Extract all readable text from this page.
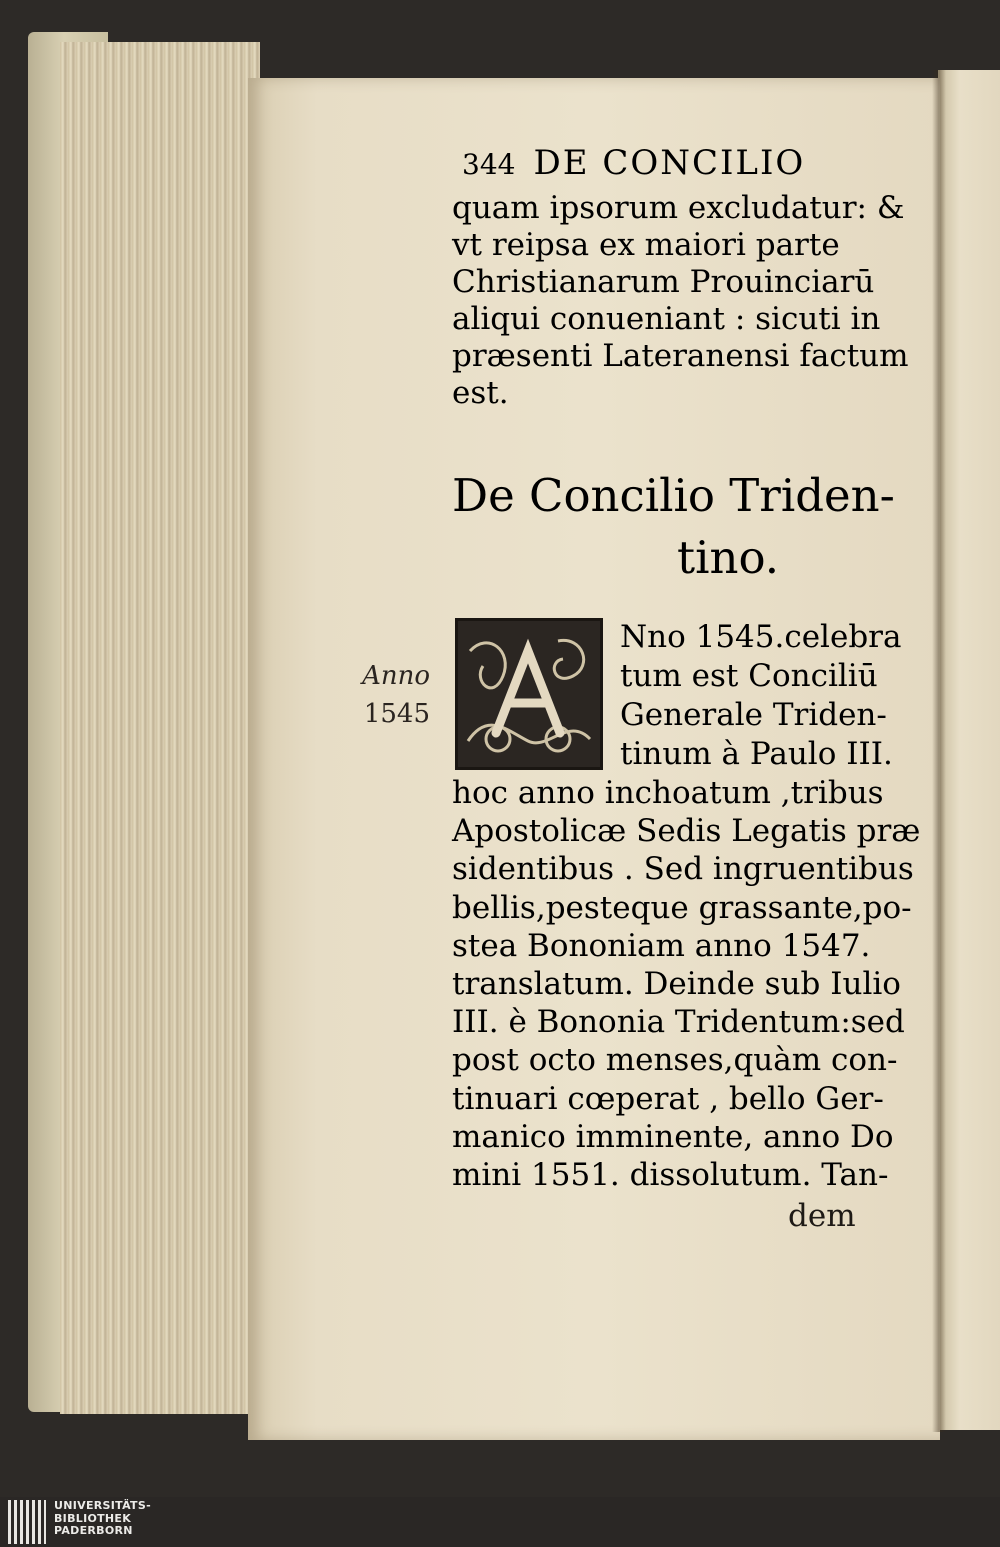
344 DE CONCILIO
quam ipsorum excludatur: &
vt reipsa ex maiori parte
Christianarum Prouinciarū
aliqui conueniant : sicuti in
præsenti Lateranensi factum
est.
De Concilio Triden-
tino.
Anno
1545	A
Nno 1545.celebra
tum est Conciliū
Generale Triden-
tinum à Paulo III.
hoc anno inchoatum ,tribus
Apostolicæ Sedis Legatis præ
sidentibus . Sed ingruentibus
bellis,pesteque grassante,po-
stea Bononiam anno 1547.
translatum. Deinde sub Iulio
III. è Bononia Tridentum:sed
post octo menses,quàm con-
tinuari cœperat , bello Ger-
manico imminente, anno Do
mini 1551. dissolutum. Tan-
dem
UNIVERSITÄTS-
BIBLIOTHEK
PADERBORN
